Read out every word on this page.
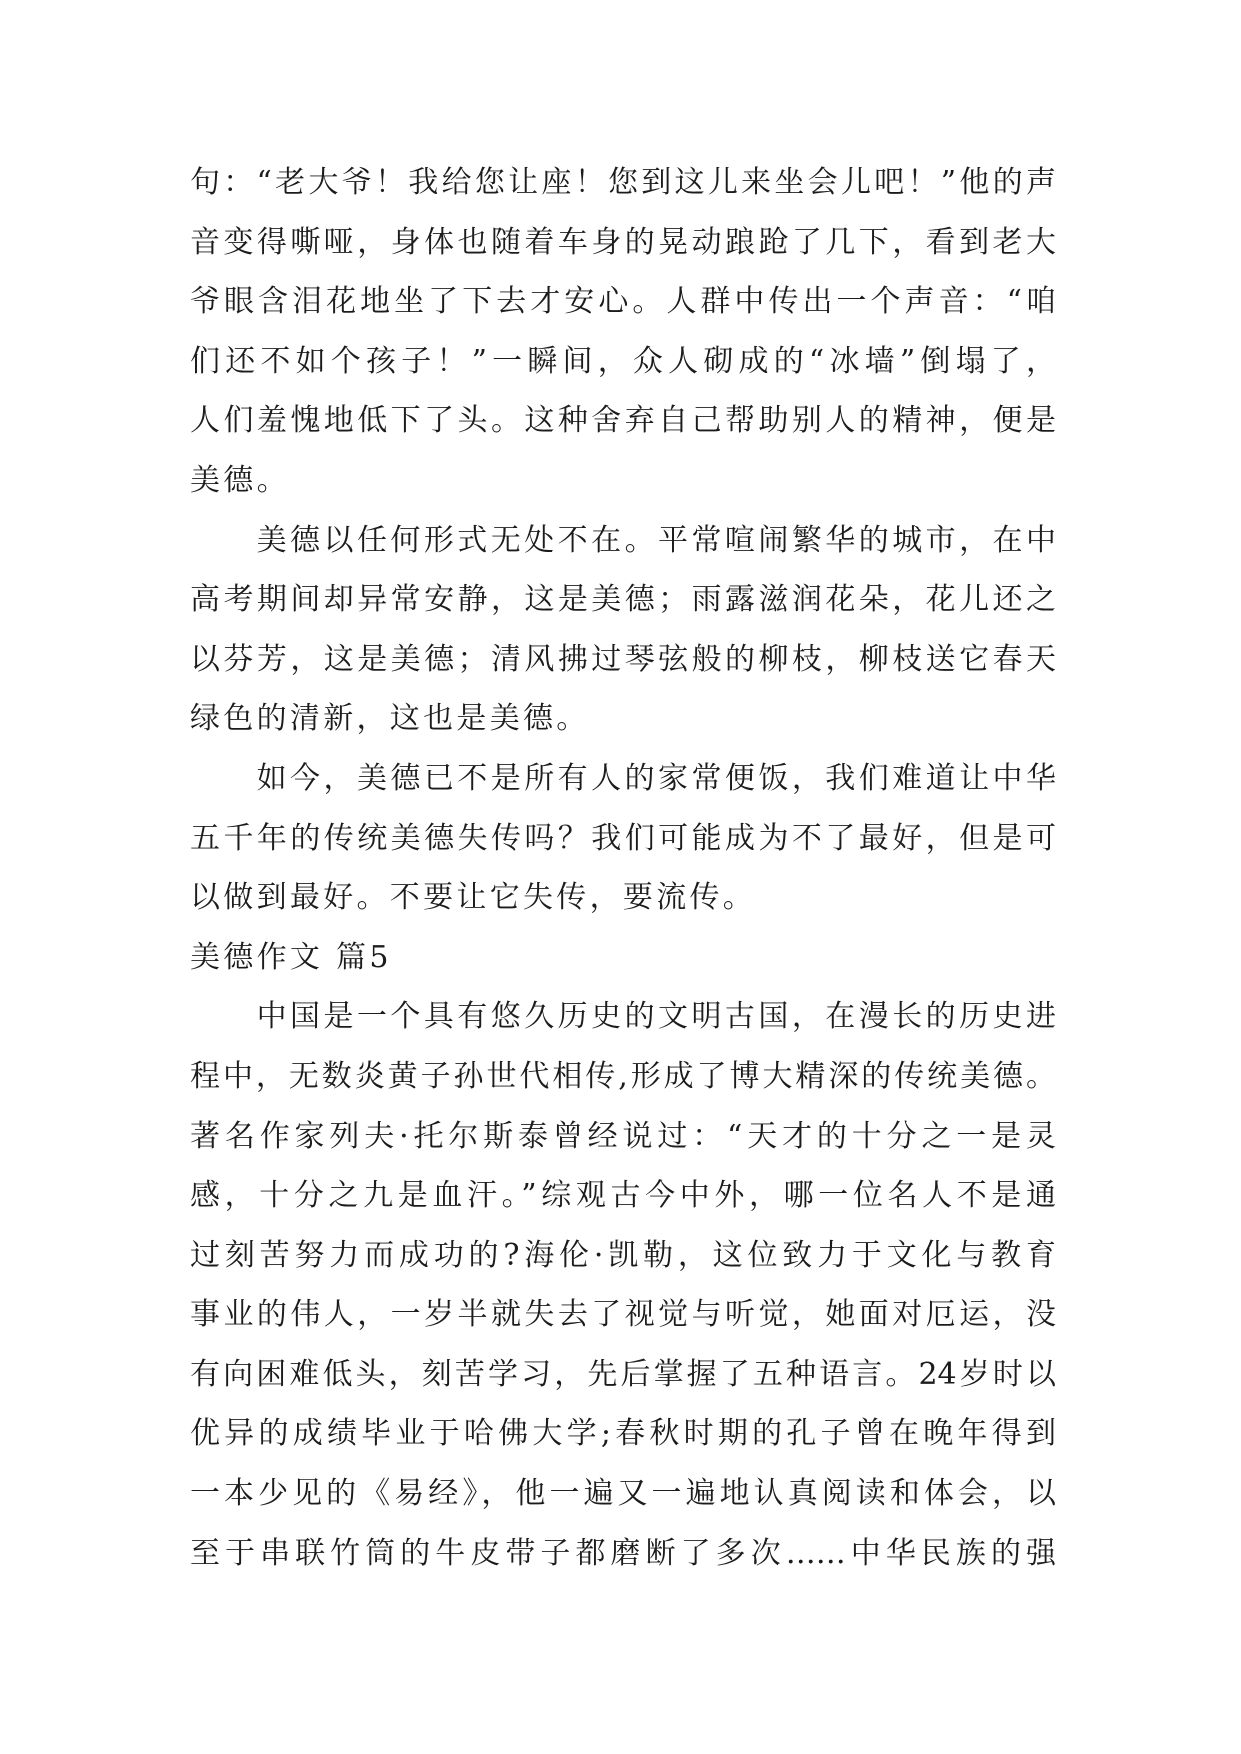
句：“老大爷！我给您让座！您到这儿来坐会儿吧！”他的声
音变得嘶哑，身体也随着车身的晃动踉跄了几下，看到老大
爷眼含泪花地坐了下去才安心。人群中传出一个声音：“咱
们还不如个孩子！”一瞬间，众人砌成的“冰墙”倒塌了，
人们羞愧地低下了头。这种舍弃自己帮助别人的精神，便是
美德。
美德以任何形式无处不在。平常喧闹繁华的城市，在中
高考期间却异常安静，这是美德；雨露滋润花朵，花儿还之
以芬芳，这是美德；清风拂过琴弦般的柳枝，柳枝送它春天
绿色的清新，这也是美德。
如今，美德已不是所有人的家常便饭，我们难道让中华
五千年的传统美德失传吗？我们可能成为不了最好，但是可
以做到最好。不要让它失传，要流传。
美德作文 篇5
中国是一个具有悠久历史的文明古国，在漫长的历史进
程中，无数炎黄子孙世代相传,形成了博大精深的传统美德。
著名作家列夫·托尔斯泰曾经说过：“天才的十分之一是灵
感，十分之九是血汗。”综观古今中外，哪一位名人不是通
过刻苦努力而成功的?海伦·凯勒，这位致力于文化与教育
事业的伟人，一岁半就失去了视觉与听觉，她面对厄运，没
有向困难低头，刻苦学习，先后掌握了五种语言。24岁时以
优异的成绩毕业于哈佛大学;春秋时期的孔子曾在晚年得到
一本少见的《易经》，他一遍又一遍地认真阅读和体会，以
至于串联竹筒的牛皮带子都磨断了多次……中华民族的强
